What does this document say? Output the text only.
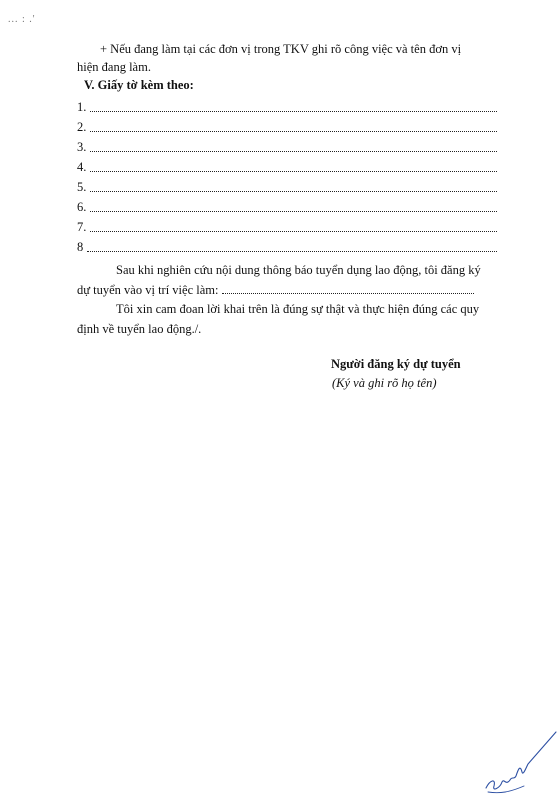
... : .'
+ Nếu đang làm tại các đơn vị trong TKV ghi rõ công việc và tên đơn vị
hiện đang làm.
V. Giấy tờ kèm theo:
1.
2.
3.
4.
5.
6.
7.
8
Sau khi nghiên cứu nội dung thông báo tuyển dụng lao động, tôi đăng ký
dự tuyển vào vị trí việc làm:
Tôi xin cam đoan lời khai trên là đúng sự thật và thực hiện đúng các quy
định về tuyển lao động./.
Người đăng ký dự tuyển
(Ký và ghi rõ họ tên)
